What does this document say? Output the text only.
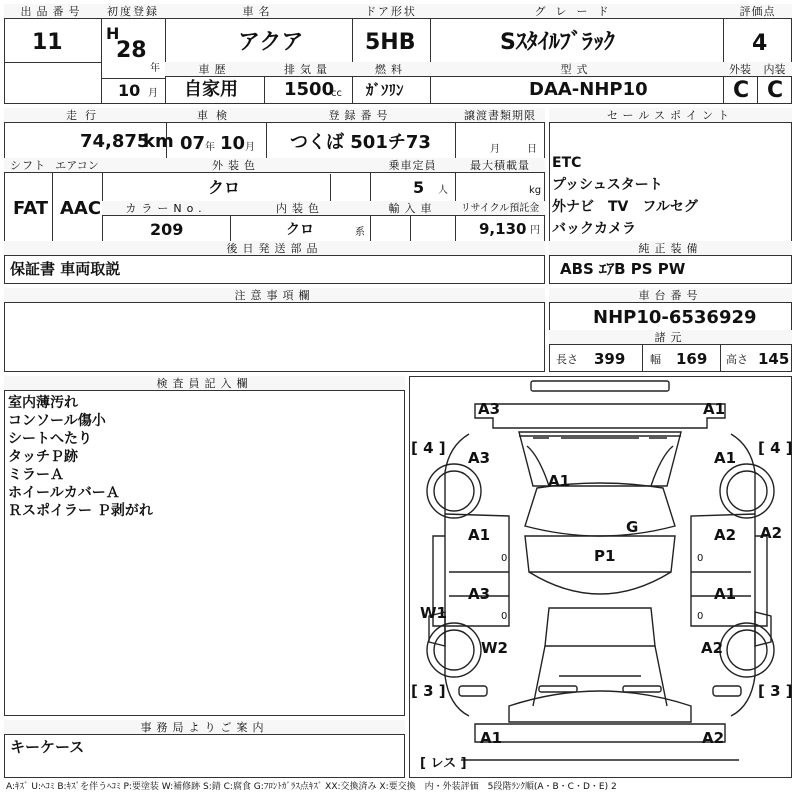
出品番号
11
初度登録
H
28
年
10 月
車名
アクア
ドア形状
5HB
グレード
Sｽﾀｲﾙﾌﾞﾗｯｸ
評価点
4
車歴
自家用
排気量
1500
cc
燃料
ｶﾞｿﾘﾝ
型式
DAA-NHP10
外装
C
内装
C
走行
74,875
km
車検
07 年 10 月
登録番号
つくば 501チ73
譲渡書類期限
月	日
シフト
FAT
エアコン
AAC
外装色
クロ
乗車定員
5 人
最大積載量
kg
カラーNo.
209
内装色
クロ	系
輸入車	リサイクル預託金
9,130 円
後日発送部品
保証書 車両取説
セールスポイント
ETC
プッシュスタート
外ナビ　TV　フルセグ
バックカメラ
純正装備
ABS ｴｱB PS PW
注意事項欄	車台番号
NHP10-6536929
諸元
長さ 399 幅 169 高さ 145
検査員記入欄
室内薄汚れ
コンソール傷小
シートへたり
タッチＰ跡
ミラーＡ
ホイールカバーＡ
Ｒスポイラー Ｐ剥がれ
A3	A1
A3	A1
A1
G
A1	A2 A2
P1
A3	A1
W1
W2	A2
A1	A2
0	0
0	0
[ 4 ]	[ 4 ]
[ 3 ]	[ 3 ]
[ レス ]
事務局よりご案内
キーケース
A:ｷｽﾞ U:ﾍｺﾐ B:ｷｽﾞを伴うﾍｺﾐ P:要塗装 W:補修跡 S:錆 C:腐食 G:ﾌﾛﾝﾄｶﾞﾗｽ点ｷｽﾞ XX:交換済み X:要交換　内・外装評価　5段階ﾗﾝｸ順(A・B・C・D・E) 2
